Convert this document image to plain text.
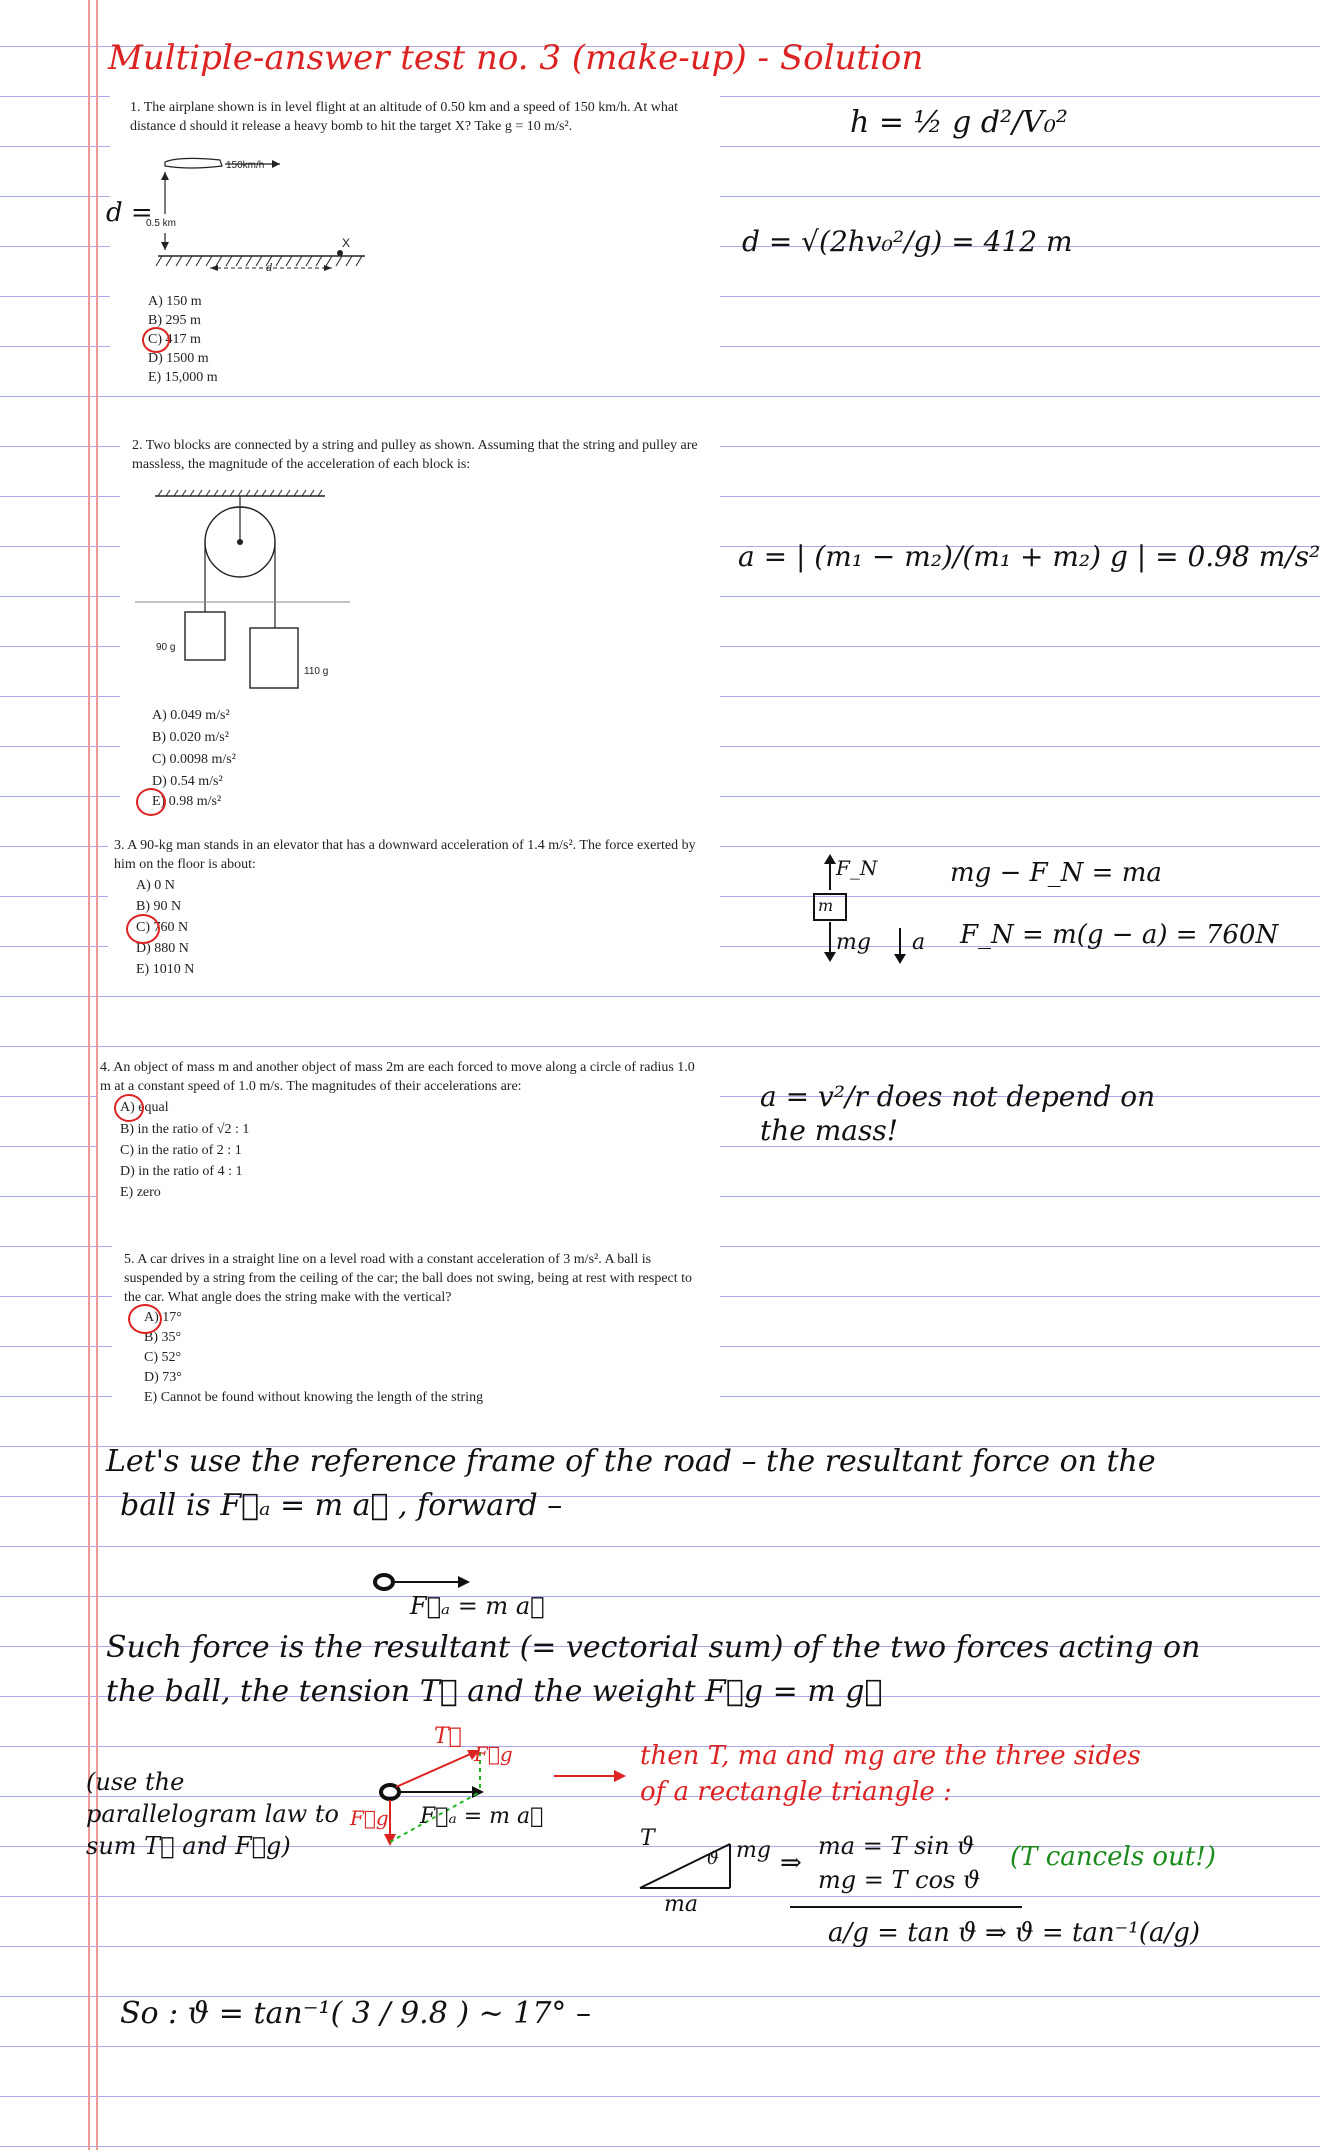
Multiple-answer test no. 3 (make-up) - Solution
1. The airplane shown is in level flight at an altitude of 0.50 km and a speed of 150 km/h. At what distance d should it release a heavy bomb to hit the target X? Take g = 10 m/s².
150km/h
0.5 km
X
d
A) 150 m
B) 295 m
C) 417 m
D) 1500 m
E) 15,000 m
d =
h = ½ g d²/V₀²
d = √(2hv₀²/g) = 412 m
2. Two blocks are connected by a string and pulley as shown. Assuming that the string and pulley are massless, the magnitude of the acceleration of each block is:
90 g
110 g
A) 0.049 m/s²
B) 0.020 m/s²
C) 0.0098 m/s²
D) 0.54 m/s²
E) 0.98 m/s²
a = | (m₁ − m₂)/(m₁ + m₂) g | = 0.98 m/s²
3. A 90-kg man stands in an elevator that has a downward acceleration of 1.4 m/s². The force exerted by him on the floor is about:
A) 0 N
B) 90 N
C) 760 N
D) 880 N
E) 1010 N
F_N
m
mg a
mg − F_N = ma
F_N = m(g − a) = 760N
4. An object of mass m and another object of mass 2m are each forced to move along a circle of radius 1.0 m at a constant speed of 1.0 m/s. The magnitudes of their accelerations are:
A) equal
B) in the ratio of √2 : 1
C) in the ratio of 2 : 1
D) in the ratio of 4 : 1
E) zero
a = v²/r does not depend on the mass!
5. A car drives in a straight line on a level road with a constant acceleration of 3 m/s². A ball is suspended by a string from the ceiling of the car; the ball does not swing, being at rest with respect to the car. What angle does the string make with the vertical?
A) 17°
B) 35°
C) 52°
D) 73°
E) Cannot be found without knowing the length of the string
Let's use the reference frame of the road – the resultant force on the
ball is F⃗ₐ = m a⃗ , forward –
F⃗ₐ = m a⃗
Such force is the resultant (= vectorial sum) of the two forces acting on
the ball, the tension T⃗ and the weight F⃗g = m g⃗
(use the parallelogram law to sum T⃗ and F⃗g)
T⃗
F⃗g
F⃗g F⃗ₐ = m a⃗
then T, ma and mg are the three sides of a rectangle triangle :
T
ϑ mg
ma
⇒
ma = T sin ϑ
mg = T cos ϑ
(T cancels out!)
a/g = tan ϑ ⇒ ϑ = tan⁻¹(a/g)
So : ϑ = tan⁻¹( 3 / 9.8 ) ~ 17° –
